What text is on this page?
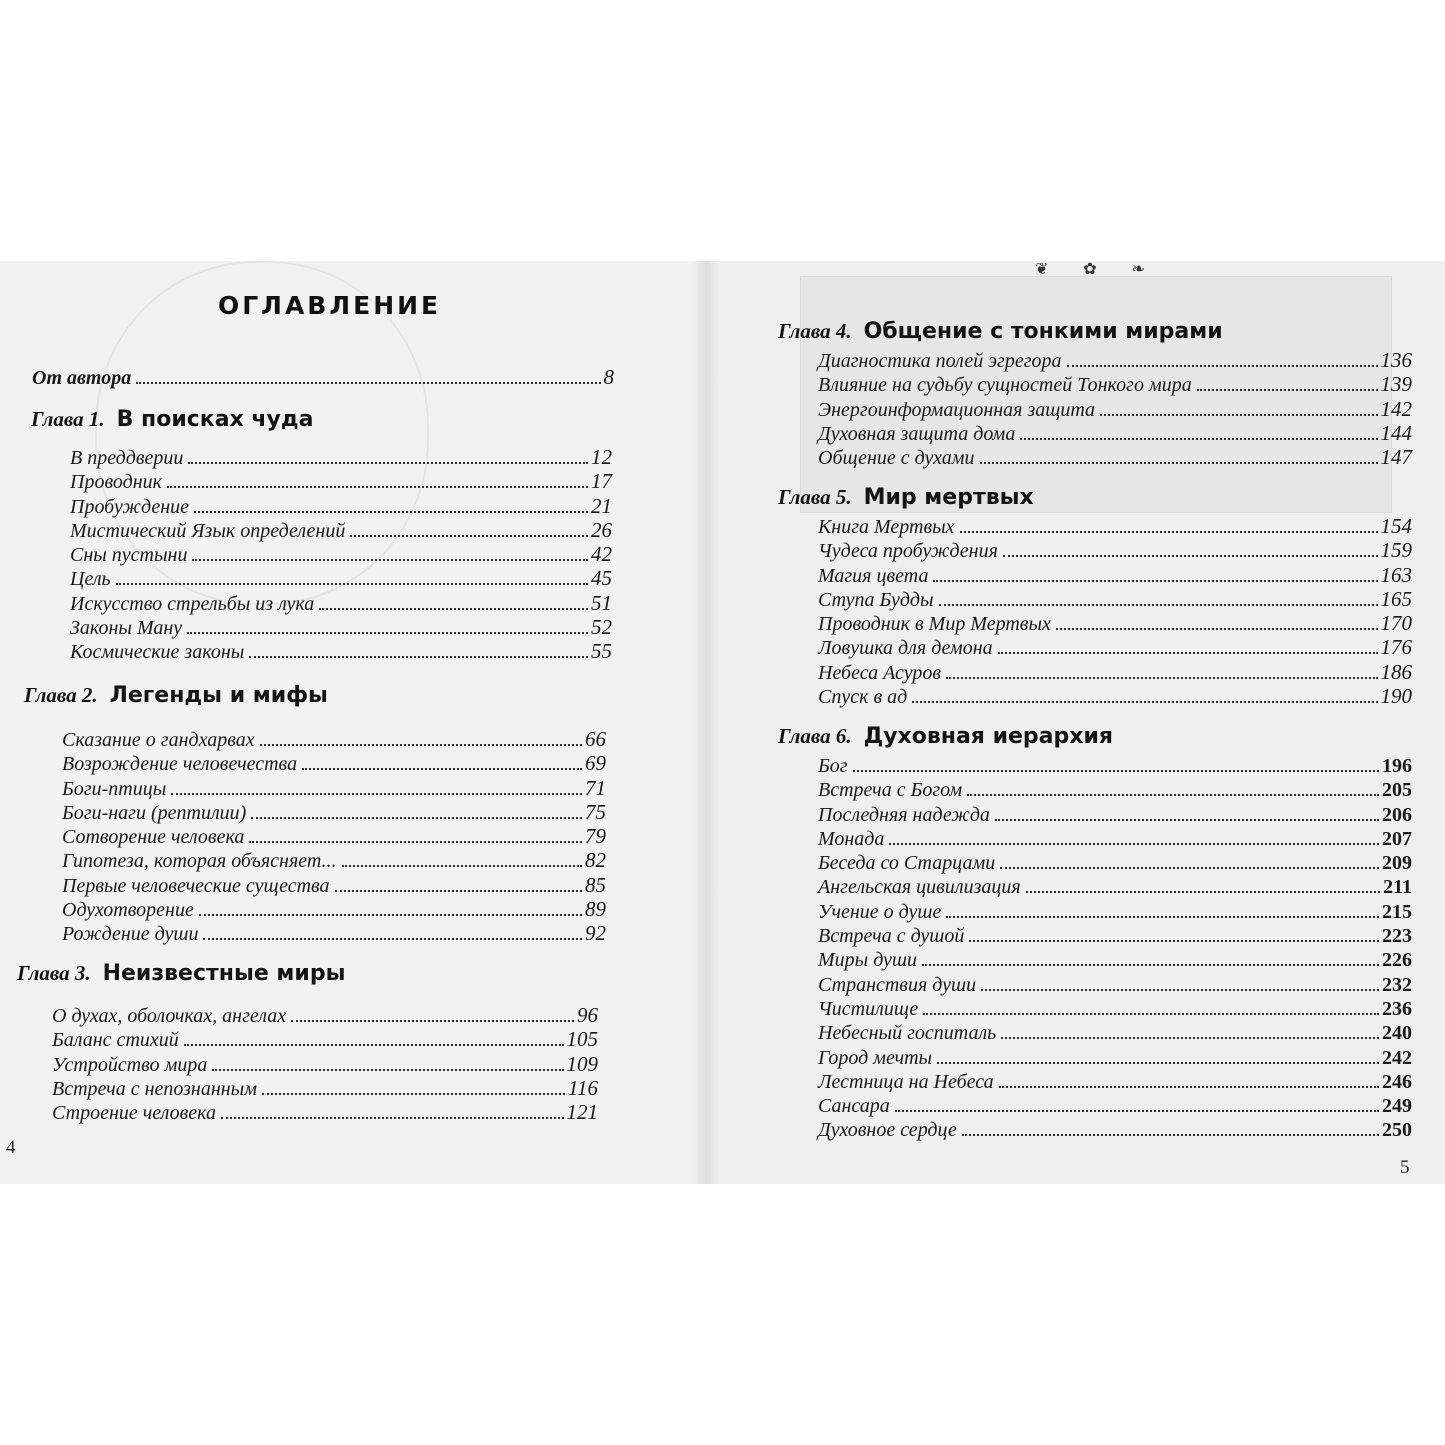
ОГЛАВЛЕНИЕ
От автора	8
Глава 1. В поисках чуда
В преддверии	12
Проводник	17
Пробуждение	21
Мистический Язык определений	26
Сны пустыни	42
Цель	45
Искусство стрельбы из лука	51
Законы Ману	52
Космические законы	55
Глава 2. Легенды и мифы
Сказание о гандхарвах	66
Возрождение человечества	69
Боги-птицы	71
Боги-наги (рептилии)	75
Сотворение человека	79
Гипотеза, которая объясняет...	82
Первые человеческие существа	85
Одухотворение	89
Рождение души	92
Глава 3. Неизвестные миры
О духах, оболочках, ангелах	96
Баланс стихий	105
Устройство мира	109
Встреча с непознанным	116
Строение человека	121
4
❦ ✿ ❧
Глава 4. Общение с тонкими мирами
Диагностика полей эгрегора	136
Влияние на судьбу сущностей Тонкого мира	139
Энергоинформационная защита	142
Духовная защита дома	144
Общение с духами	147
Глава 5. Мир мертвых
Книга Мертвых	154
Чудеса пробуждения	159
Магия цвета	163
Ступа Будды	165
Проводник в Мир Мертвых	170
Ловушка для демона	176
Небеса Асуров	186
Спуск в ад	190
Глава 6. Духовная иерархия
Бог	196
Встреча с Богом	205
Последняя надежда	206
Монада	207
Беседа со Старцами	209
Ангельская цивилизация	211
Учение о душе	215
Встреча с душой	223
Миры души	226
Странствия души	232
Чистилище	236
Небесный госпиталь	240
Город мечты	242
Лестница на Небеса	246
Сансара	249
Духовное сердце	250
5
